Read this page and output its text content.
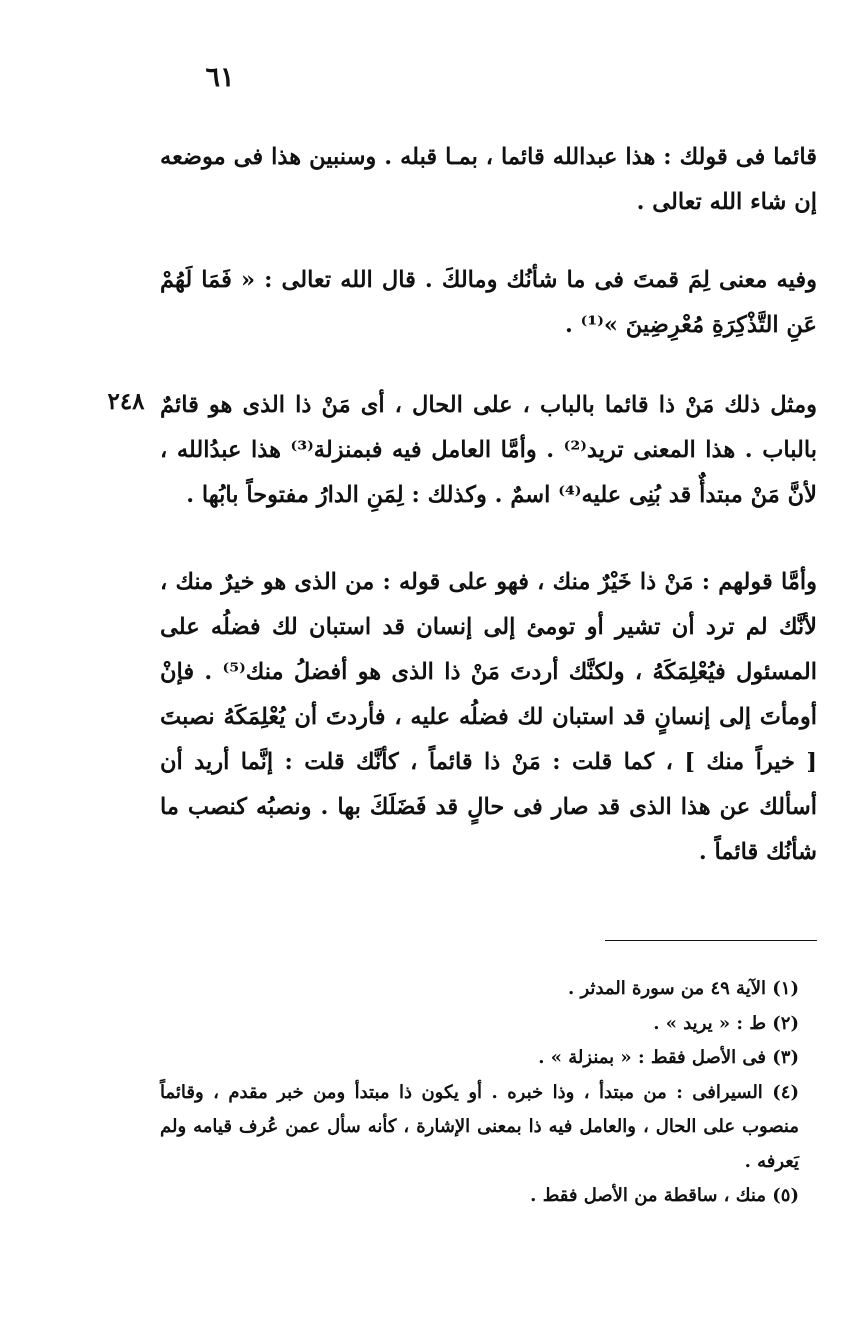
٦١

قائما فى قولك : هذا عبدالله قائما ، بمـا قبله . وسنبين هذا فى موضعه إن شاء الله تعالى .

وفيه معنى لِمَ قمتَ فى ما شأنُك ومالكَ . قال الله تعالى : « فَمَا لَهُمْ عَنِ التَّذْكِرَةِ مُعْرِضِينَ »⁽¹⁾ .

٢٤٨ ومثل ذلك مَنْ ذا قائما بالباب ، على الحال ، أى مَنْ ذا الذى هو قائمٌ بالباب . هذا المعنى تريد⁽²⁾ . وأمَّا العامل فيه فبمنزلة⁽³⁾ هذا عبدُالله ، لأنَّ مَنْ مبتدأٌ قد بُنِى عليه⁽⁴⁾ اسمٌ . وكذلك : لِمَنِ الدارُ مفتوحاً بابُها .

وأمَّا قولهم : مَنْ ذا خَيْرٌ منك ، فهو على قوله : من الذى هو خيرٌ منك ، لأنَّك لم ترد أن تشير أو تومئ إلى إنسان قد استبان لك فضلُه على المسئول فيُعْلِمَكَهُ ، ولكنَّك أردتَ مَنْ ذا الذى هو أفضلُ منك⁽⁵⁾ . فإنْ أومأتَ إلى إنسانٍ قد استبان لك فضلُه عليه ، فأردتَ أن يُعْلِمَكَهُ نصبتَ [ خيراً منك ] ، كما قلت : مَنْ ذا قائماً ، كأنَّك قلت : إنَّما أريد أن أسألك عن هذا الذى قد صار فى حالٍ قد فَضَلَكَ بها . ونصبُه كنصب ما شأنُك قائماً .

(١) الآية ٤٩ من سورة المدثر .

(٢) ط : « يريد » .

(٣) فى الأصل فقط : « بمنزلة » .

(٤) السيرافى : من مبتدأ ، وذا خبره . أو يكون ذا مبتدأ ومن خبر مقدم ، وقائماً منصوب على الحال ، والعامل فيه ذا بمعنى الإشارة ، كأنه سأل عمن عُرف قيامه ولم يَعرفه .

(٥) منك ، ساقطة من الأصل فقط .
